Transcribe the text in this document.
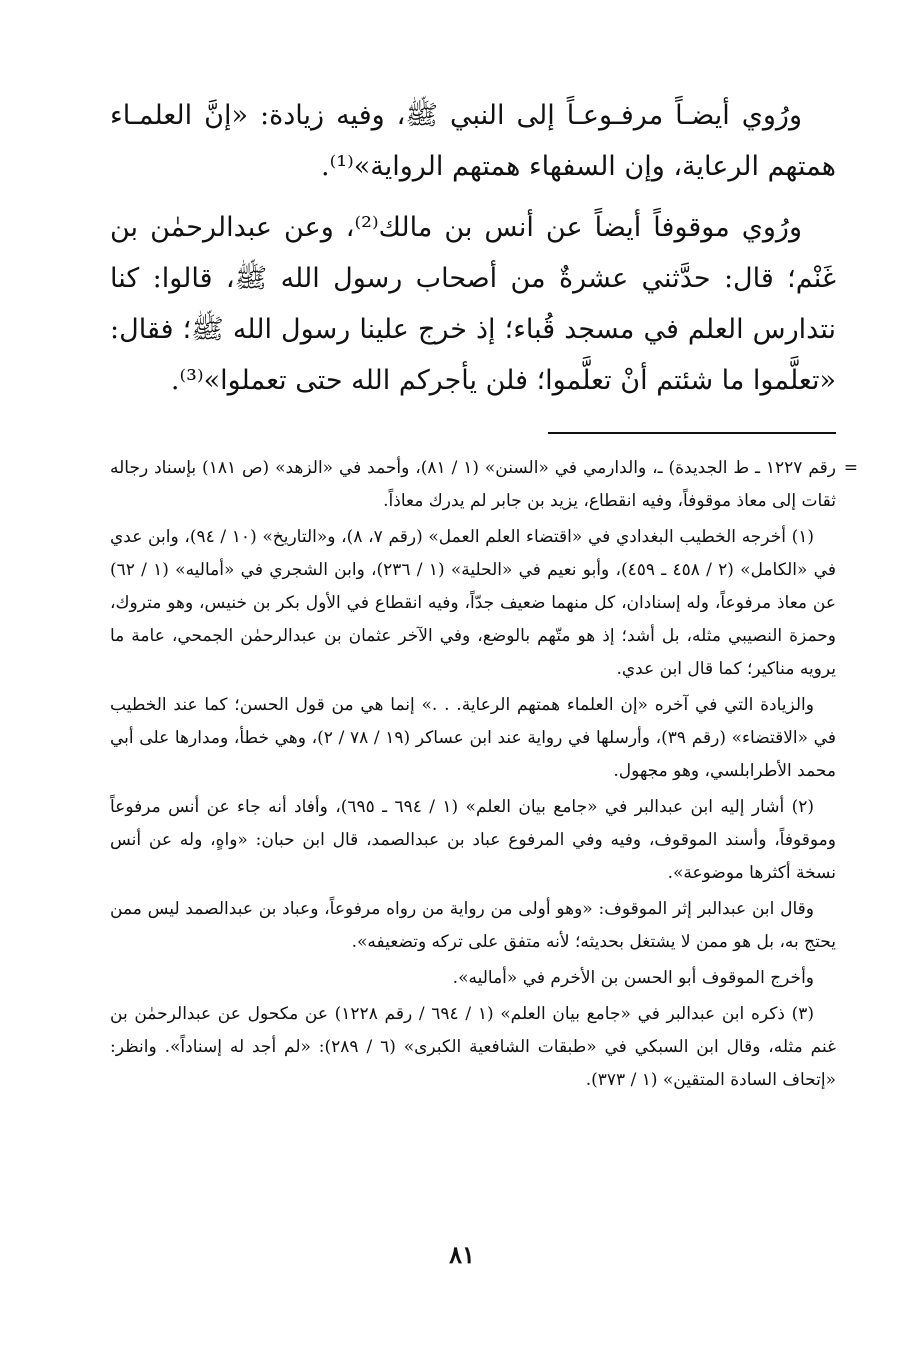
ورُوي أيضـاً مرفـوعـاً إلى النبي ﷺ، وفيه زيادة: «إنَّ العلمـاء همتهم الرعاية، وإن السفهاء همتهم الرواية»⁽¹⁾.

ورُوي موقوفاً أيضاً عن أنس بن مالك⁽²⁾، وعن عبدالرحمٰن بن غَنْم؛ قال: حدَّثني عشرةٌ من أصحاب رسول الله ﷺ، قالوا: كنا نتدارس العلم في مسجد قُباء؛ إذ خرج علينا رسول الله ﷺ؛ فقال: «تعلَّموا ما شئتم أنْ تعلَّموا؛ فلن يأجركم الله حتى تعملوا»⁽³⁾.

=
رقم ١٢٢٧ ـ ط الجديدة) ـ، والدارمي في «السنن» (١ / ٨١)، وأحمد في «الزهد» (ص ١٨١) بإسناد رجاله ثقات إلى معاذ موقوفاً، وفيه انقطاع، يزيد بن جابر لم يدرك معاذاً.

(١) أخرجه الخطيب البغدادي في «اقتضاء العلم العمل» (رقم ٧، ٨)، و«التاريخ» (١٠ / ٩٤)، وابن عدي في «الكامل» (٢ / ٤٥٨ ـ ٤٥٩)، وأبو نعيم في «الحلية» (١ / ٢٣٦)، وابن الشجري في «أماليه» (١ / ٦٢) عن معاذ مرفوعاً، وله إسنادان، كل منهما ضعيف جدّاً، وفيه انقطاع في الأول بكر بن خنيس، وهو متروك، وحمزة النصيبي مثله، بل أشد؛ إذ هو متّهم بالوضع، وفي الآخر عثمان بن عبدالرحمٰن الجمحي، عامة ما يرويه مناكير؛ كما قال ابن عدي.

والزيادة التي في آخره «إن العلماء همتهم الرعاية. . .» إنما هي من قول الحسن؛ كما عند الخطيب في «الاقتضاء» (رقم ٣٩)، وأرسلها في رواية عند ابن عساكر (١٩ / ٧٨ / ٢)، وهي خطأ، ومدارها على أبي محمد الأطرابلسي، وهو مجهول.

(٢) أشار إليه ابن عبدالبر في «جامع بيان العلم» (١ / ٦٩٤ ـ ٦٩٥)، وأفاد أنه جاء عن أنس مرفوعاً وموقوفاً، وأسند الموقوف، وفيه وفي المرفوع عباد بن عبدالصمد، قال ابن حبان: «واهٍ، وله عن أنس نسخة أكثرها موضوعة».

وقال ابن عبدالبر إثر الموقوف: «وهو أولى من رواية من رواه مرفوعاً، وعباد بن عبدالصمد ليس ممن يحتج به، بل هو ممن لا يشتغل بحديثه؛ لأنه متفق على تركه وتضعيفه».

وأخرج الموقوف أبو الحسن بن الأخرم في «أماليه».

(٣) ذكره ابن عبدالبر في «جامع بيان العلم» (١ / ٦٩٤ / رقم ١٢٢٨) عن مكحول عن عبدالرحمٰن بن غنم مثله، وقال ابن السبكي في «طبقات الشافعية الكبرى» (٦ / ٢٨٩): «لم أجد له إسناداً». وانظر: «إتحاف السادة المتقين» (١ / ٣٧٣).

٨١
